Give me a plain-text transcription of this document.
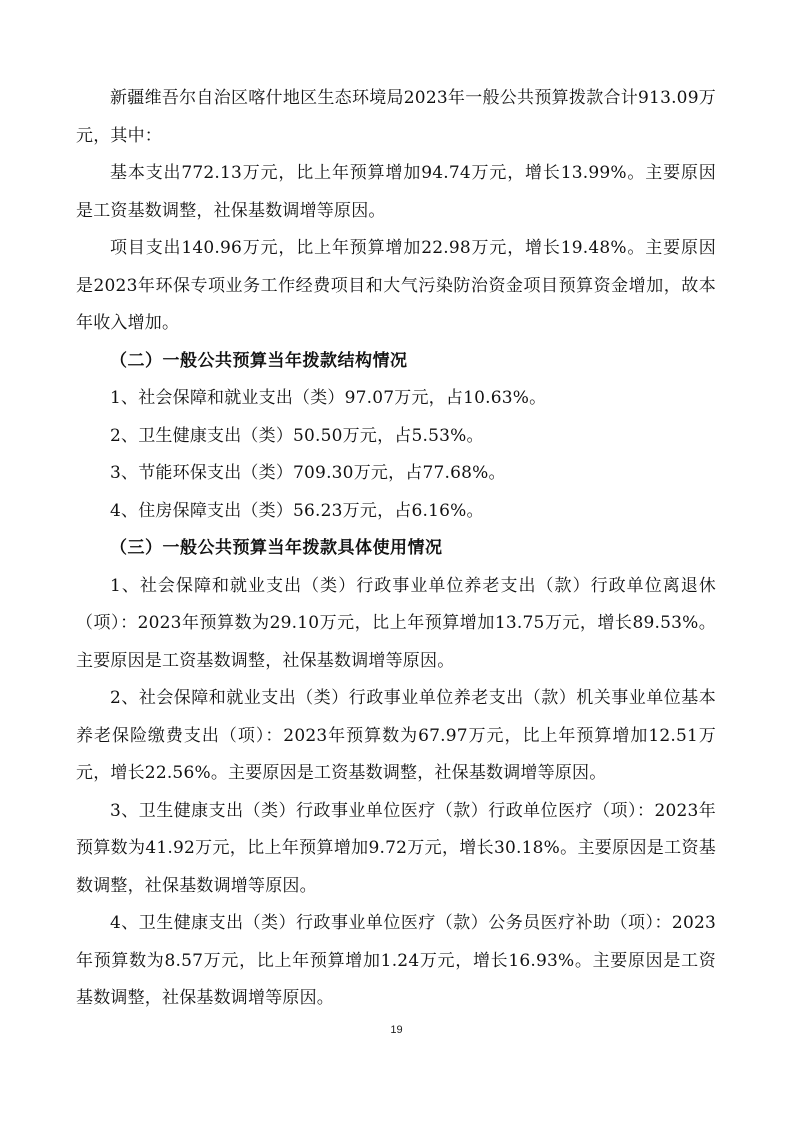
新疆维吾尔自治区喀什地区生态环境局2023年一般公共预算拨款合计913.09万元，其中：

基本支出772.13万元，比上年预算增加94.74万元，增长13.99%。主要原因是工资基数调整，社保基数调增等原因。

项目支出140.96万元，比上年预算增加22.98万元，增长19.48%。主要原因是2023年环保专项业务工作经费项目和大气污染防治资金项目预算资金增加，故本年收入增加。

（二）一般公共预算当年拨款结构情况

1、社会保障和就业支出（类）97.07万元，占10.63%。

2、卫生健康支出（类）50.50万元，占5.53%。

3、节能环保支出（类）709.30万元，占77.68%。

4、住房保障支出（类）56.23万元，占6.16%。

（三）一般公共预算当年拨款具体使用情况

1、社会保障和就业支出（类）行政事业单位养老支出（款）行政单位离退休（项）：2023年预算数为29.10万元，比上年预算增加13.75万元，增长89.53%。主要原因是工资基数调整，社保基数调增等原因。

2、社会保障和就业支出（类）行政事业单位养老支出（款）机关事业单位基本养老保险缴费支出（项）：2023年预算数为67.97万元，比上年预算增加12.51万元，增长22.56%。主要原因是工资基数调整，社保基数调增等原因。

3、卫生健康支出（类）行政事业单位医疗（款）行政单位医疗（项）：2023年预算数为41.92万元，比上年预算增加9.72万元，增长30.18%。主要原因是工资基数调整，社保基数调增等原因。

4、卫生健康支出（类）行政事业单位医疗（款）公务员医疗补助（项）：2023年预算数为8.57万元，比上年预算增加1.24万元，增长16.93%。主要原因是工资基数调整，社保基数调增等原因。

19
